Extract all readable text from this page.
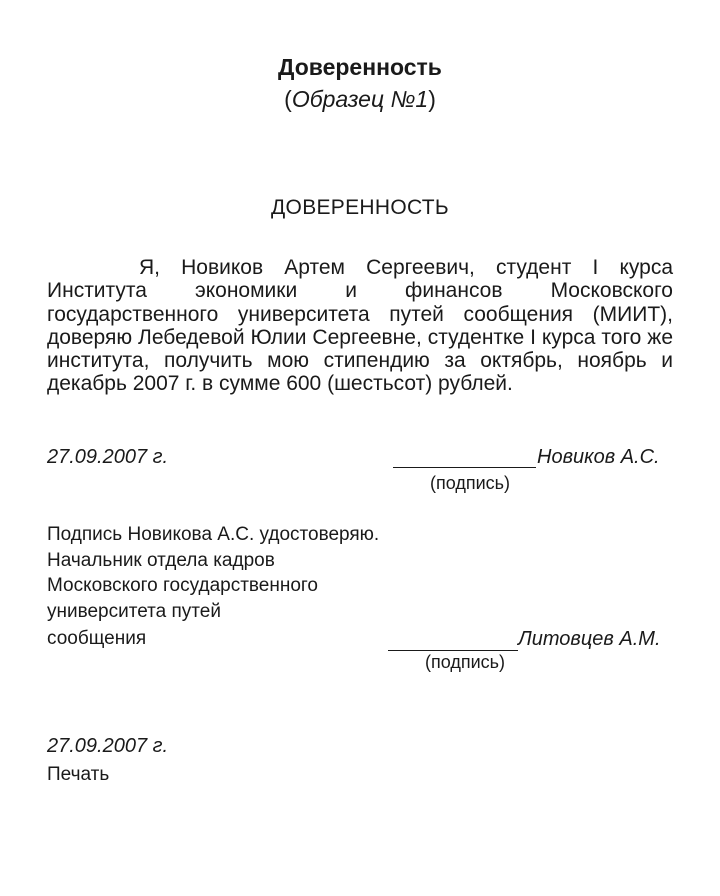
Доверенность
(Образец №1)
ДОВЕРЕННОСТЬ
Я, Новиков Артем Сергеевич, студент I курса Института экономики и финансов Московского государственного университета путей сообщения (МИИТ), доверяю Лебедевой Юлии Сергеевне, студентке I курса того же института, получить мою стипендию за октябрь, ноябрь и декабрь 2007 г. в сумме 600 (шестьсот) рублей.
27.09.2007 г.	Новиков А.С.
(подпись)
Подпись Новикова А.С. удостоверяю.
Начальник отдела кадров
Московского государственного
университета путей
сообщения	Литовцев А.М.
(подпись)
27.09.2007 г.
Печать
